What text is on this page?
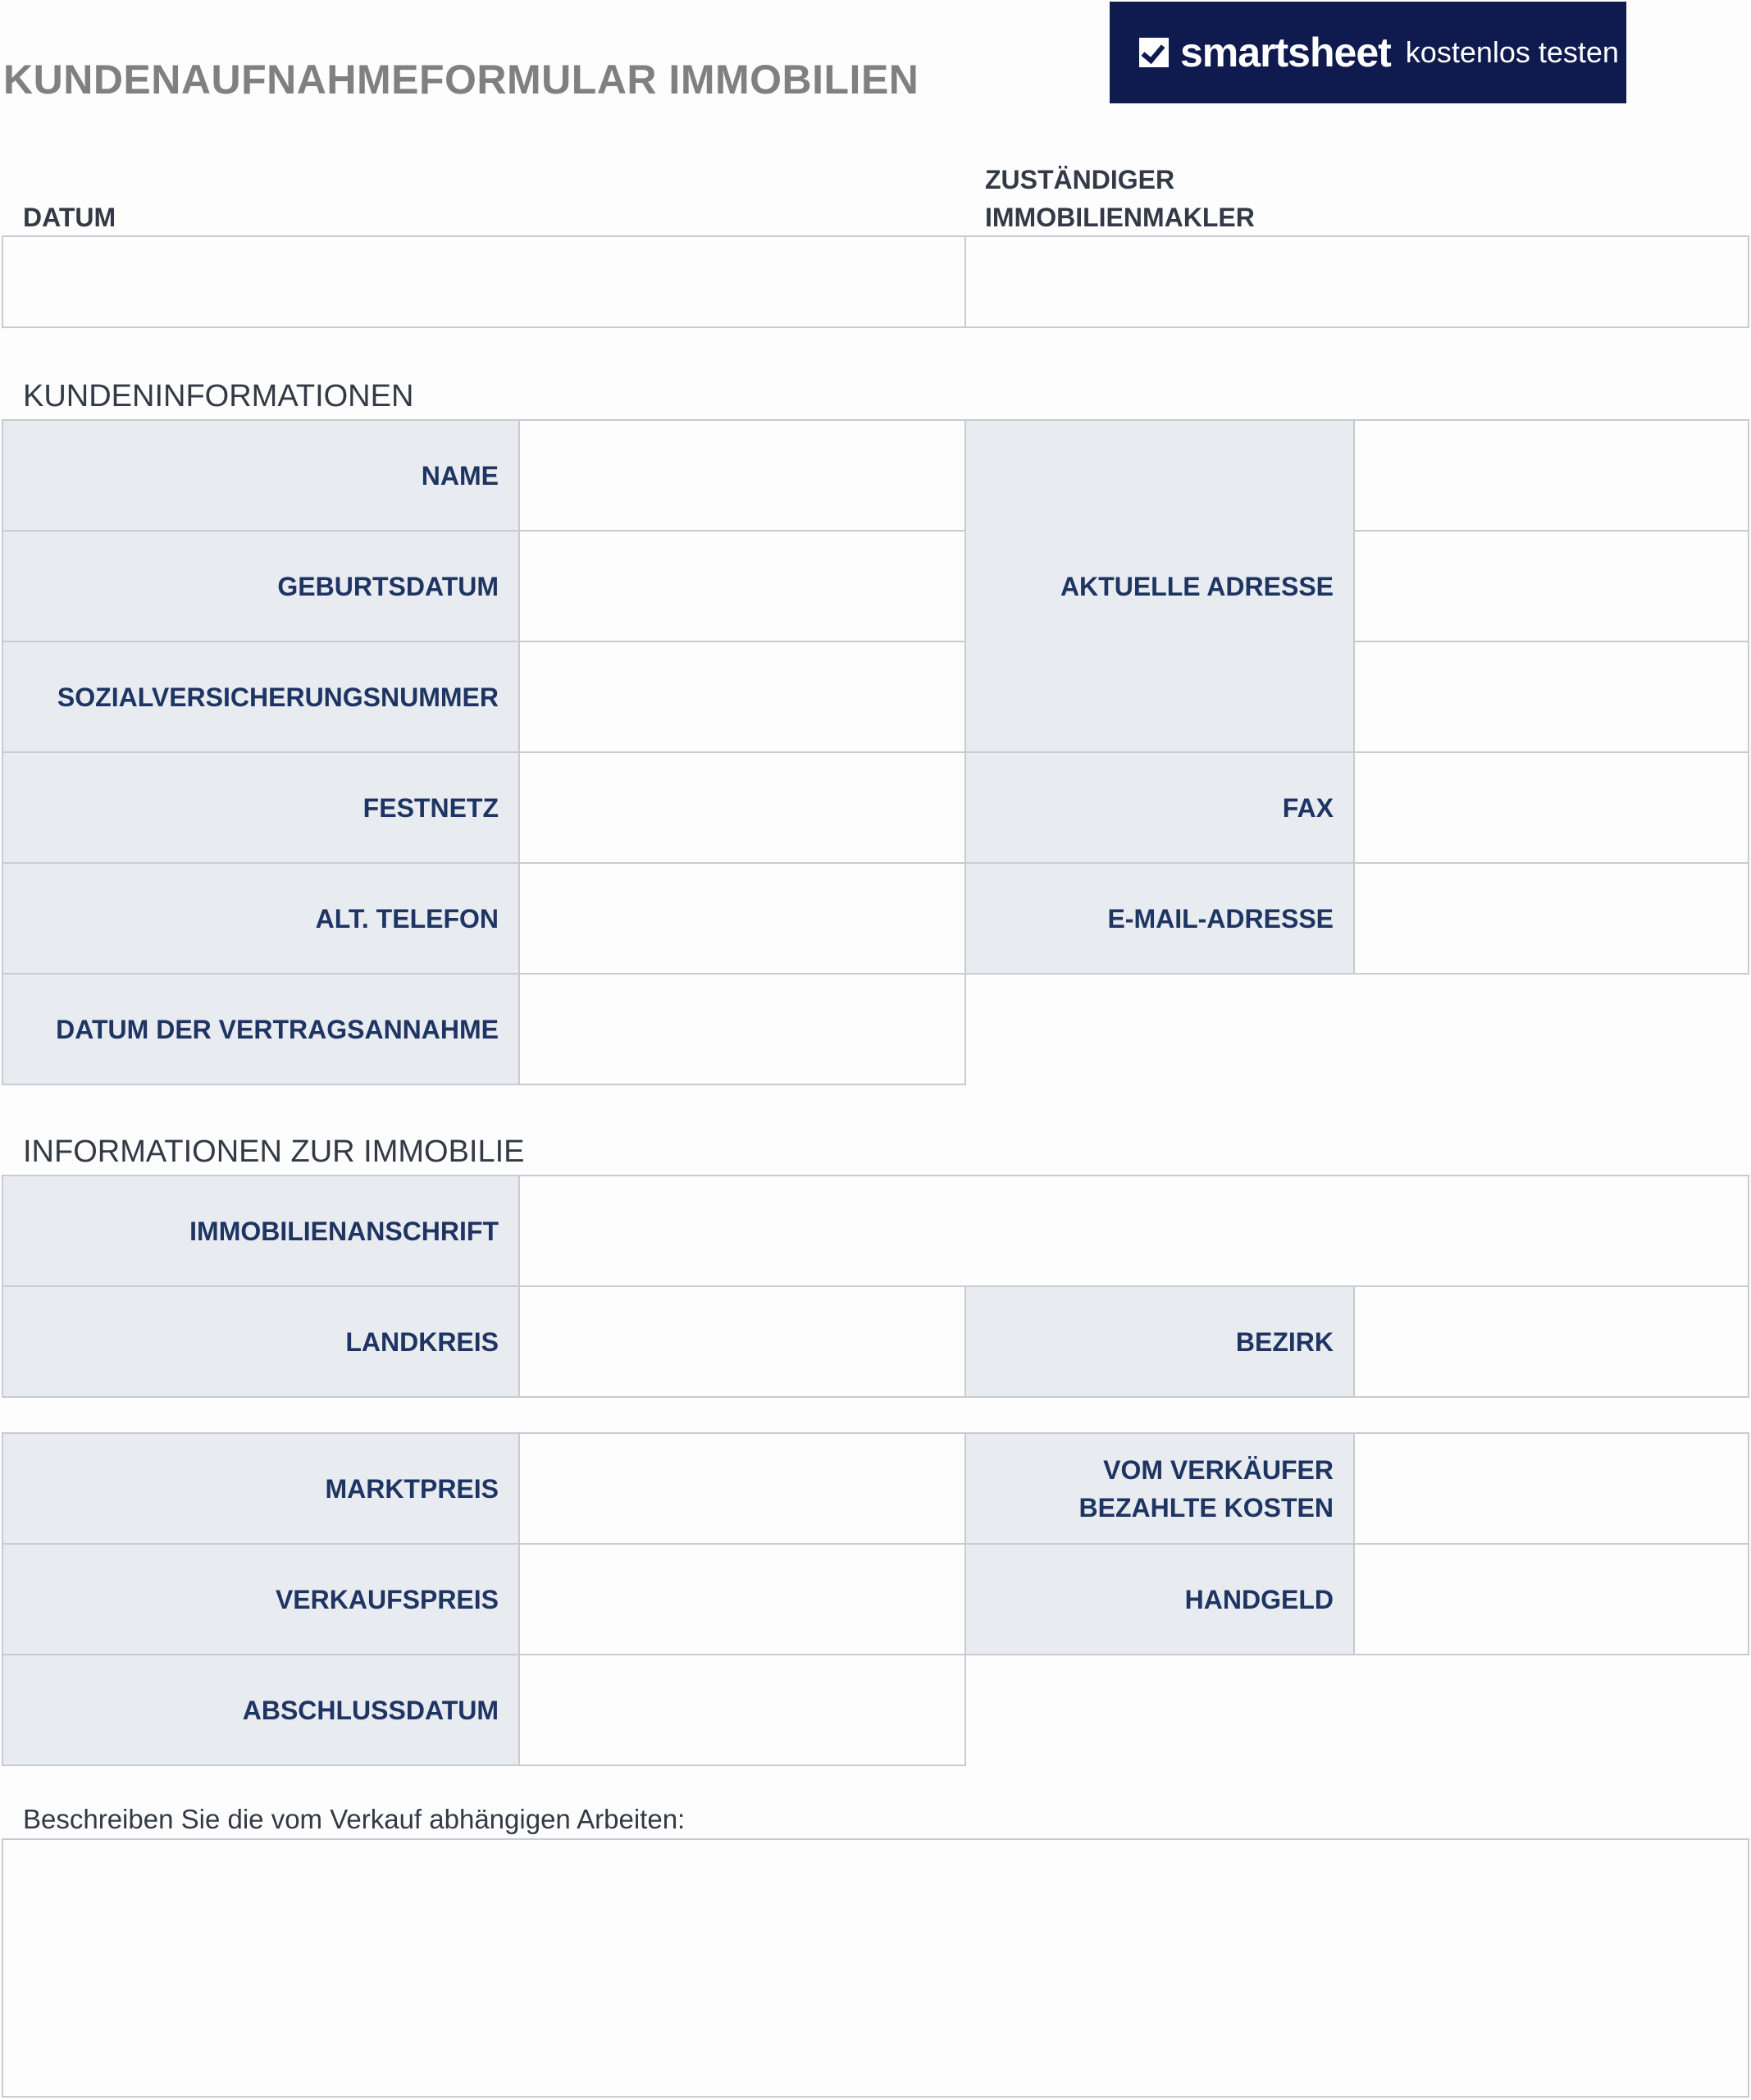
KUNDENAUFNAHMEFORMULAR IMMOBILIEN
smartsheet kostenlos testen
DATUM
ZUSTÄNDIGER
IMMOBILIENMAKLER
KUNDENINFORMATIONEN
NAME
GEBURTSDATUM
SOZIALVERSICHERUNGSNUMMER
FESTNETZ
ALT. TELEFON
DATUM DER VERTRAGSANNAHME
AKTUELLE ADRESSE
FAX
E-MAIL-ADRESSE
INFORMATIONEN ZUR IMMOBILIE
IMMOBILIENANSCHRIFT
LANDKREIS	BEZIRK
MARKTPREIS
VERKAUFSPREIS
ABSCHLUSSDATUM
VOM VERKÄUFER
BEZAHLTE KOSTEN
HANDGELD
Beschreiben Sie die vom Verkauf abhängigen Arbeiten:
